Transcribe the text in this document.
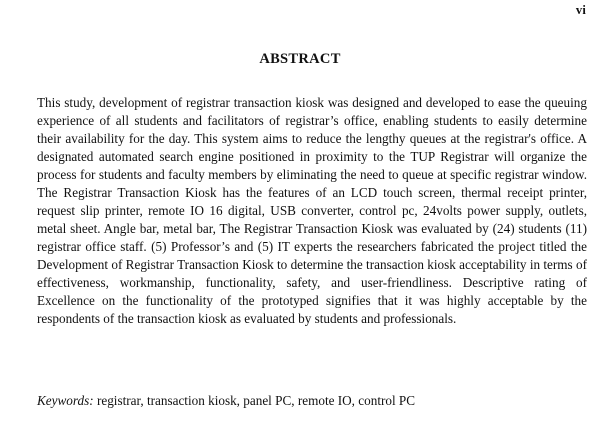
vi
ABSTRACT

This study, development of registrar transaction kiosk was designed and developed to ease the queuing experience of all students and facilitators of registrar’s office, enabling students to easily determine their availability for the day. This system aims to reduce the lengthy queues at the registrar's office. A designated automated search engine positioned in proximity to the TUP Registrar will organize the process for students and faculty members by eliminating the need to queue at specific registrar window. The Registrar Transaction Kiosk has the features of an LCD touch screen, thermal receipt printer, request slip printer, remote IO 16 digital, USB converter, control pc, 24volts power supply, outlets, metal sheet. Angle bar, metal bar, The Registrar Transaction Kiosk was evaluated by (24) students (11) registrar office staff. (5) Professor’s and (5) IT experts the researchers fabricated the project titled the Development of Registrar Transaction Kiosk to determine the transaction kiosk acceptability in terms of effectiveness, workmanship, functionality, safety, and user-friendliness. Descriptive rating of Excellence on the functionality of the prototyped signifies that it was highly acceptable by the respondents of the transaction kiosk as evaluated by students and professionals.

Keywords: registrar, transaction kiosk, panel PC, remote IO, control PC
